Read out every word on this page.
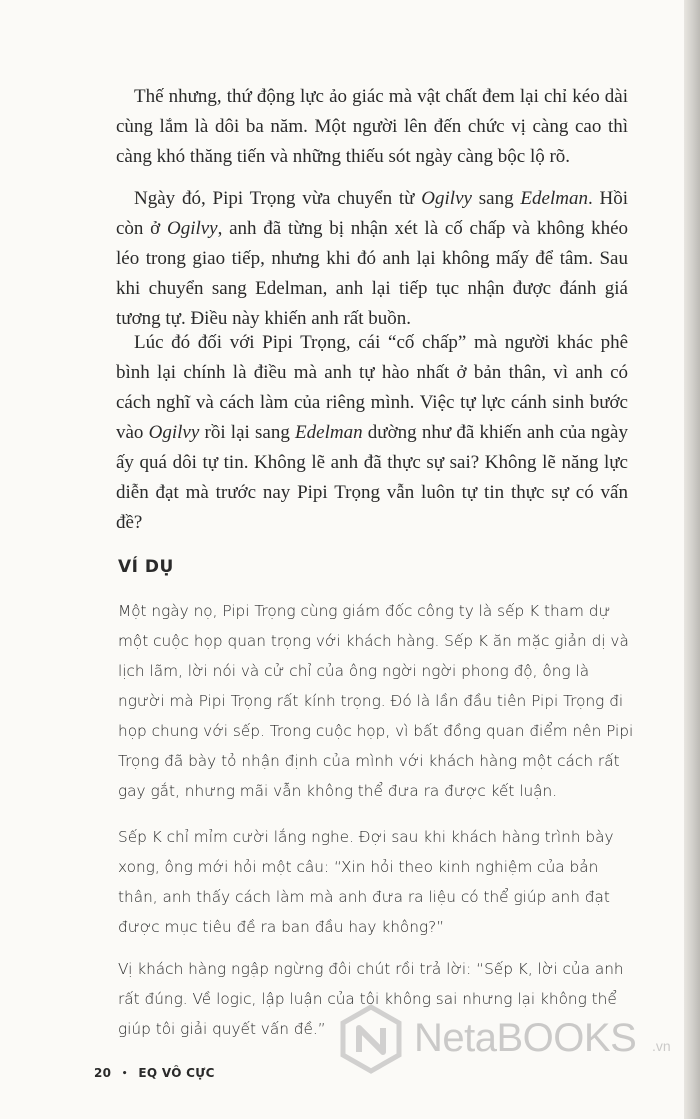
Thế nhưng, thứ động lực ảo giác mà vật chất đem lại chỉ kéo dài cùng lắm là dôi ba năm. Một người lên đến chức vị càng cao thì càng khó thăng tiến và những thiếu sót ngày càng bộc lộ rõ.

Ngày đó, Pipi Trọng vừa chuyển từ Ogilvy sang Edelman. Hồi còn ở Ogilvy, anh đã từng bị nhận xét là cố chấp và không khéo léo trong giao tiếp, nhưng khi đó anh lại không mấy để tâm. Sau khi chuyển sang Edelman, anh lại tiếp tục nhận được đánh giá tương tự. Điều này khiến anh rất buồn.

Lúc đó đối với Pipi Trọng, cái “cố chấp” mà người khác phê bình lại chính là điều mà anh tự hào nhất ở bản thân, vì anh có cách nghĩ và cách làm của riêng mình. Việc tự lực cánh sinh bước vào Ogilvy rồi lại sang Edelman dường như đã khiến anh của ngày ấy quá dôi tự tin. Không lẽ anh đã thực sự sai? Không lẽ năng lực diễn đạt mà trước nay Pipi Trọng vẫn luôn tự tin thực sự có vấn đề?

VÍ DỤ

Một ngày nọ, Pipi Trọng cùng giám đốc công ty là sếp K tham dự một cuộc họp quan trọng với khách hàng. Sếp K ăn mặc giản dị và lịch lãm, lời nói và cử chỉ của ông ngời ngời phong độ, ông là người mà Pipi Trọng rất kính trọng. Đó là lần đầu tiên Pipi Trọng đi họp chung với sếp. Trong cuộc họp, vì bất đồng quan điểm nên Pipi Trọng đã bày tỏ nhận định của mình với khách hàng một cách rất gay gắt, nhưng mãi vẫn không thể đưa ra được kết luận.

Sếp K chỉ mỉm cười lắng nghe. Đợi sau khi khách hàng trình bày xong, ông mới hỏi một câu: “Xin hỏi theo kinh nghiệm của bản thân, anh thấy cách làm mà anh đưa ra liệu có thể giúp anh đạt được mục tiêu đề ra ban đầu hay không?”

Vị khách hàng ngập ngừng đôi chút rồi trả lời: “Sếp K, lời của anh rất đúng. Về logic, lập luận của tôi không sai nhưng lại không thể giúp tôi giải quyết vấn đề.”

20 • EQ VÔ CỰC
NetaBOOKS .vn
